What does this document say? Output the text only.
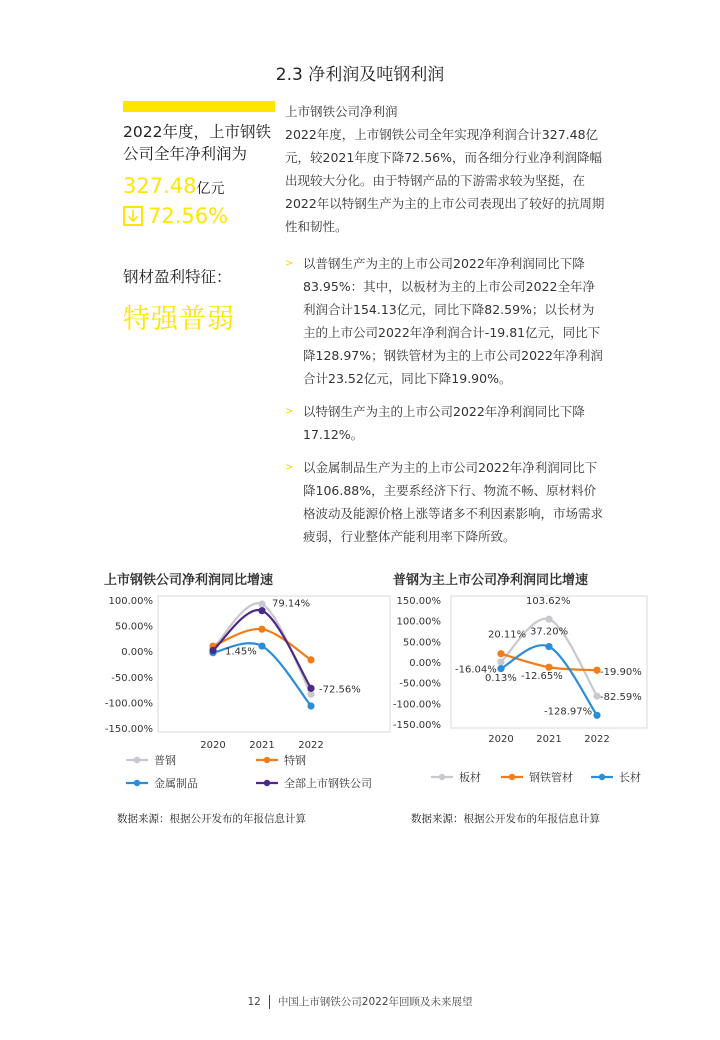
2.3 净利润及吨钢利润
2022年度，上市钢铁公司全年净利润为
327.48亿元
72.56%
钢材盈利特征：
特强普弱
上市钢铁公司净利润

2022年度，上市钢铁公司全年实现净利润合计327.48亿元，较2021年度下降72.56%，而各细分行业净利润降幅出现较大分化。由于特钢产品的下游需求较为坚挺，在2022年以特钢生产为主的上市公司表现出了较好的抗周期性和韧性。

> 以普钢生产为主的上市公司2022年净利润同比下降83.95%：其中，以板材为主的上市公司2022全年净利润合计154.13亿元，同比下降82.59%；以长材为主的上市公司2022年净利润合计-19.81亿元，同比下降128.97%；钢铁管材为主的上市公司2022年净利润合计23.52亿元，同比下降19.90%。
> 以特钢生产为主的上市公司2022年净利润同比下降17.12%。
> 以金属制品生产为主的上市公司2022年净利润同比下降106.88%，主要系经济下行、物流不畅、原材料价格波动及能源价格上涨等诸多不利因素影响，市场需求疲弱，行业整体产能利用率下降所致。
上市钢铁公司净利润同比增速
100.00%
50.00%
0.00%
-50.00%
-100.00%
-150.00%
2020 2021 2022
1.45%
79.14%
-72.56%
普钢	特钢
金属制品	全部上市钢铁公司
数据来源：根据公开发布的年报信息计算
普钢为主上市公司净利润同比增速
150.00%
100.00%
50.00%
0.00%
-50.00%
-100.00%
-150.00%
2020 2021 2022
20.11%
-16.04%
0.13%
103.62%
37.20%
-12.65%	-19.90%
-82.59%
-128.97%
板材	钢铁管材	长材
数据来源：根据公开发布的年报信息计算
12 中国上市钢铁公司2022年回顾及未来展望
